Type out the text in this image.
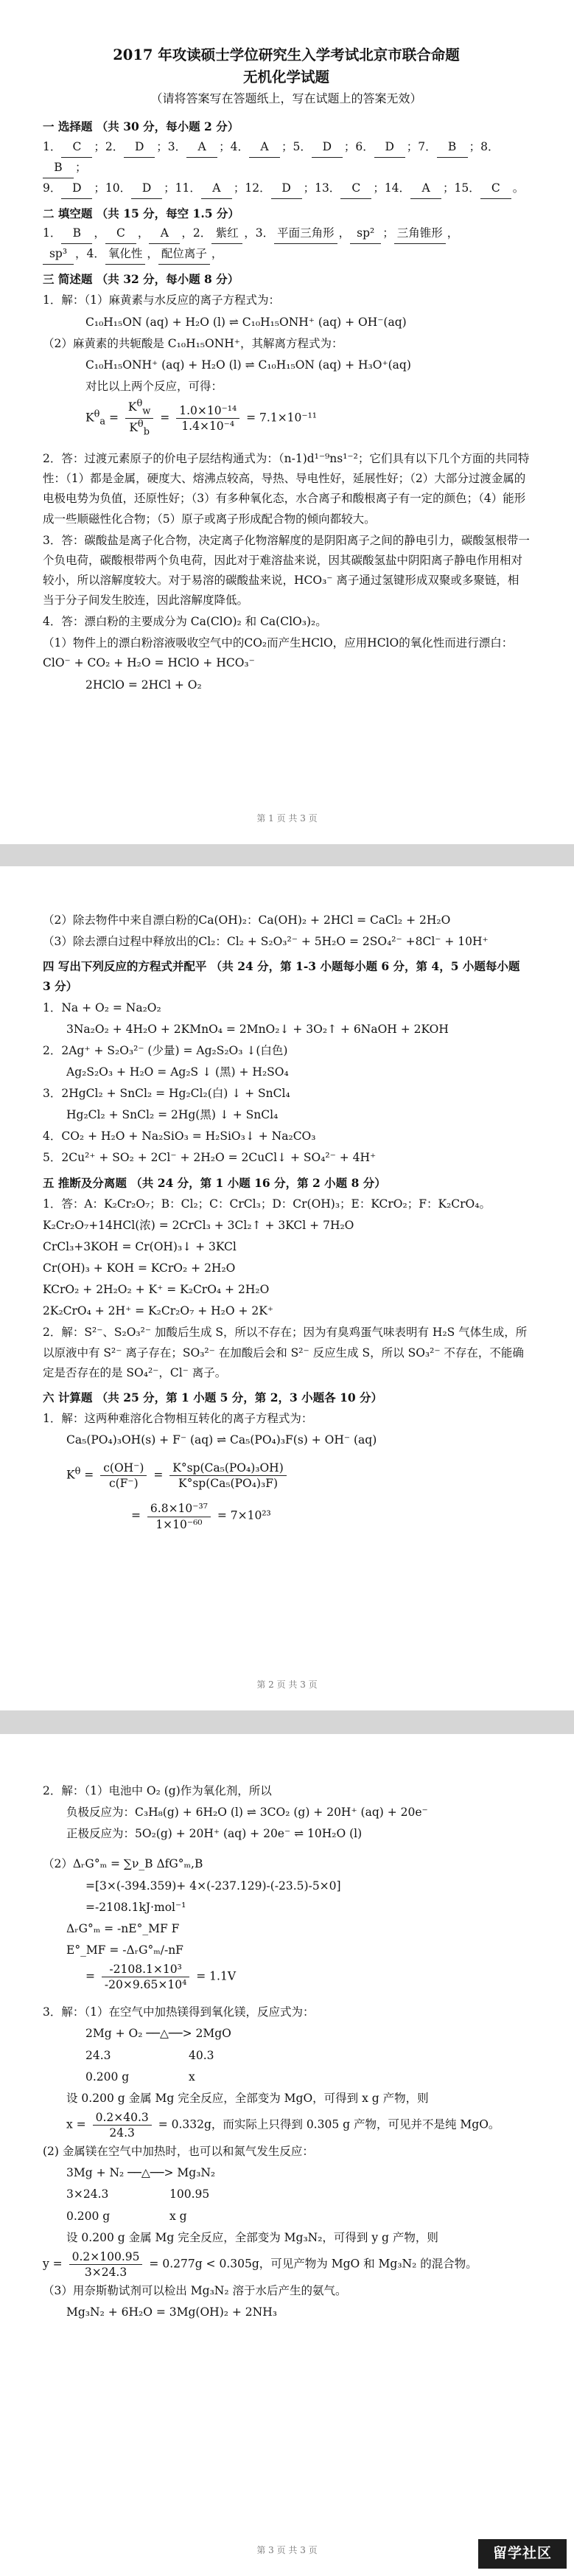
2017 年攻读硕士学位研究生入学考试北京市联合命题
无机化学试题
（请将答案写在答题纸上，写在试题上的答案无效）
一 选择题 （共 30 分，每小题 2 分）
1． C ；2． D ；3． A ；4． A ；5． D ；6． D ；7． B ；8．B ；
9． D ；10． D ；11． A ；12． D ；13． C ；14． A ；15． C 。
二 填空题 （共 15 分，每空 1.5 分）
1． B ， C ， A ，2． 紫红 ，3． 平面三角形 ， sp² ； 三角锥形 ，
sp³ ，4． 氧化性 ， 配位离子 ，
三 简述题 （共 32 分，每小题 8 分）
1．解：（1）麻黄素与水反应的离子方程式为：
C₁₀H₁₅ON (aq) + H₂O (l) ⇌ C₁₀H₁₅ONH⁺ (aq) + OH⁻(aq)
（2）麻黄素的共轭酸是 C₁₀H₁₅ONH⁺，其解离方程式为：
C₁₀H₁₅ONH⁺ (aq) + H₂O (l) ⇌ C₁₀H₁₅ON (aq) + H₃O⁺(aq)
对比以上两个反应，可得：
$K^\theta_a = \frac{K^\theta_w}{K^\theta_b} = \frac{\text{1.0×10⁻¹⁴}}{\text{1.4×10⁻⁴}} = 7.1\times 10^{-11}$
2．答：过渡元素原子的价电子层结构通式为：（n-1)d¹⁻⁹ns¹⁻²；它们具有以下几个方面的共同特性：（1）都是金属，硬度大、熔沸点较高，导热、导电性好，延展性好；（2）大部分过渡金属的电极电势为负值，还原性好；（3）有多种氧化态，水合离子和酸根离子有一定的颜色；（4）能形成一些顺磁性化合物；（5）原子或离子形成配合物的倾向都较大。
3．答：碳酸盐是离子化合物，决定离子化物溶解度的是阴阳离子之间的静电引力，碳酸氢根带一个负电荷，碳酸根带两个负电荷，因此对于难溶盐来说，因其碳酸氢盐中阴阳离子静电作用相对较小，所以溶解度较大。对于易溶的碳酸盐来说，HCO₃⁻ 离子通过氢键形成双聚或多聚链，相当于分子间发生胶连，因此溶解度降低。
4．答：漂白粉的主要成分为 Ca(ClO)₂ 和 Ca(ClO₃)₂。
（1）物件上的漂白粉溶液吸收空气中的CO₂而产生HClO，应用HClO的氧化性而进行漂白：ClO⁻ + CO₂ + H₂O = HClO + HCO₃⁻
2HClO = 2HCl + O₂
第 1 页 共 3 页
（2）除去物件中来自漂白粉的Ca(OH)₂：Ca(OH)₂ + 2HCl = CaCl₂ + 2H₂O
（3）除去漂白过程中释放出的Cl₂：Cl₂ + S₂O₃²⁻ + 5H₂O = 2SO₄²⁻ +8Cl⁻ + 10H⁺
四 写出下列反应的方程式并配平 （共 24 分，第 1-3 小题每小题 6 分，第 4，5 小题每小题 3 分）
1．Na + O₂ = Na₂O₂
3Na₂O₂ + 4H₂O + 2KMnO₄ = 2MnO₂↓ + 3O₂↑ + 6NaOH + 2KOH
2．2Ag⁺ + S₂O₃²⁻ (少量) = Ag₂S₂O₃ ↓(白色)
Ag₂S₂O₃ + H₂O = Ag₂S ↓ (黑) + H₂SO₄
3．2HgCl₂ + SnCl₂ = Hg₂Cl₂(白) ↓ + SnCl₄
Hg₂Cl₂ + SnCl₂ = 2Hg(黑) ↓ + SnCl₄
4．CO₂ + H₂O + Na₂SiO₃ = H₂SiO₃↓ + Na₂CO₃
5．2Cu²⁺ + SO₂ + 2Cl⁻ + 2H₂O = 2CuCl↓ + SO₄²⁻ + 4H⁺
五 推断及分离题 （共 24 分，第 1 小题 16 分，第 2 小题 8 分）
1．答：A：K₂Cr₂O₇；B：Cl₂；C：CrCl₃；D：Cr(OH)₃；E：KCrO₂；F：K₂CrO₄。
K₂Cr₂O₇+14HCl(浓) = 2CrCl₃ + 3Cl₂↑ + 3KCl + 7H₂O
CrCl₃+3KOH = Cr(OH)₃↓ + 3KCl
Cr(OH)₃ + KOH = KCrO₂ + 2H₂O
KCrO₂ + 2H₂O₂ + K⁺ = K₂CrO₄ + 2H₂O
2K₂CrO₄ + 2H⁺ = K₂Cr₂O₇ + H₂O + 2K⁺
2．解：S²⁻、S₂O₃²⁻ 加酸后生成 S，所以不存在；因为有臭鸡蛋气味表明有 H₂S 气体生成，所以原液中有 S²⁻ 离子存在；SO₃²⁻ 在加酸后会和 S²⁻ 反应生成 S，所以 SO₃²⁻ 不存在，不能确定是否存在的是 SO₄²⁻，Cl⁻ 离子。
六 计算题 （共 25 分，第 1 小题 5 分，第 2，3 小题各 10 分）
1．解：这两种难溶化合物相互转化的离子方程式为：
Ca₅(PO₄)₃OH(s) + F⁻ (aq) ⇌ Ca₅(PO₄)₃F(s) + OH⁻ (aq)
$K^\theta = \frac{c(OH^-)}{c(F^-)} = \frac{\text{K°sp(Ca₅(PO₄)₃OH)}}{\text{K°sp(Ca₅(PO₄)₃F)}}$
= $\frac{\text{6.8×10⁻³⁷}}{\text{1×10⁻⁶⁰}} = 7\times 10^{23}$
第 2 页 共 3 页
2．解：（1）电池中 O₂ (g)作为氧化剂，所以
负极反应为：C₃H₈(g) + 6H₂O (l) ⇌ 3CO₂ (g) + 20H⁺ (aq) + 20e⁻
正极反应为：5O₂(g) + 20H⁺ (aq) + 20e⁻ ⇌ 10H₂O (l)
（2）ΔᵣG°ₘ = ∑ν_B ΔfG°ₘ,B
=[3×(-394.359)+ 4×(-237.129)-(-23.5)-5×0]
=-2108.1kJ·mol⁻¹
ΔᵣG°ₘ = -nE°_MF F
E°_MF = -ΔᵣG°ₘ/-nF
= $\frac{\text{-2108.1×10³}}{\text{-20×9.65×10⁴}} = 1.1V$
3．解：（1）在空气中加热镁得到氧化镁，反应式为：
2Mg + O₂ ──△──> 2MgO
24.3	40.3
0.200 g	x
设 0.200 g 金属 Mg 完全反应，全部变为 MgO，可得到 x g 产物，则
$x = \frac{0.2\times 40.3}{24.3} = 0.332g$，而实际上只得到 0.305 g 产物，可见并不是纯 MgO。
(2) 金属镁在空气中加热时，也可以和氮气发生反应：
3Mg + N₂ ──△──> Mg₃N₂
3×24.3	100.95
0.200 g	x g
设 0.200 g 金属 Mg 完全反应，全部变为 Mg₃N₂，可得到 y g 产物，则
$y = \frac{0.2\times 100.95}{3\times 24.3} = 0.277g < 0.305g$，可见产物为 MgO 和 Mg₃N₂ 的混合物。
（3）用奈斯勒试剂可以检出 Mg₃N₂ 溶于水后产生的氨气。
Mg₃N₂ + 6H₂O = 3Mg(OH)₂ + 2NH₃
第 3 页 共 3 页	留学社区
